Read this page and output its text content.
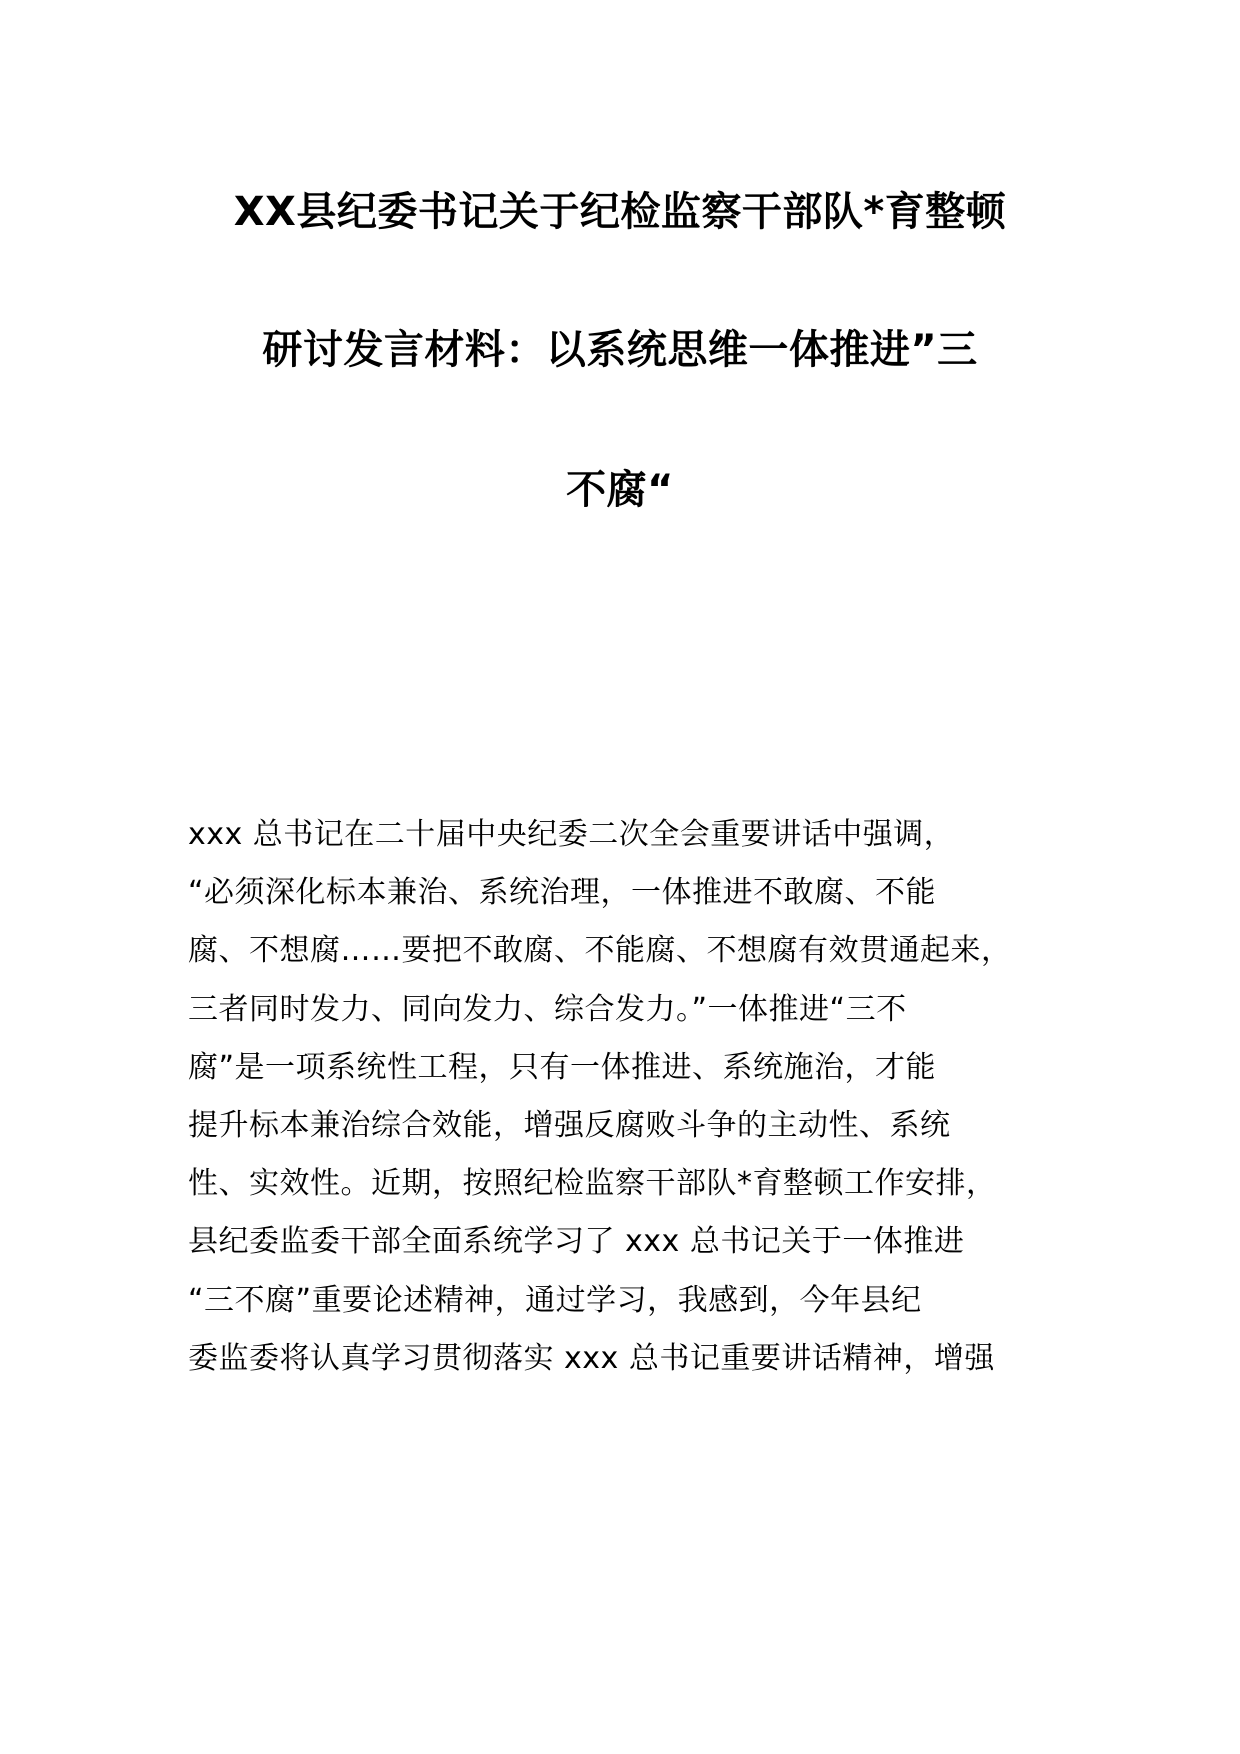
XX县纪委书记关于纪检监察干部队*育整顿
研讨发言材料：以系统思维一体推进”三
不腐“
xxx 总书记在二十届中央纪委二次全会重要讲话中强调，
“必须深化标本兼治、系统治理，一体推进不敢腐、不能
腐、不想腐……要把不敢腐、不能腐、不想腐有效贯通起来，
三者同时发力、同向发力、综合发力。”一体推进“三不
腐”是一项系统性工程，只有一体推进、系统施治，才能
提升标本兼治综合效能，增强反腐败斗争的主动性、系统
性、实效性。近期，按照纪检监察干部队*育整顿工作安排，
县纪委监委干部全面系统学习了 xxx 总书记关于一体推进
“三不腐”重要论述精神，通过学习，我感到，今年县纪
委监委将认真学习贯彻落实 xxx 总书记重要讲话精神，增强
